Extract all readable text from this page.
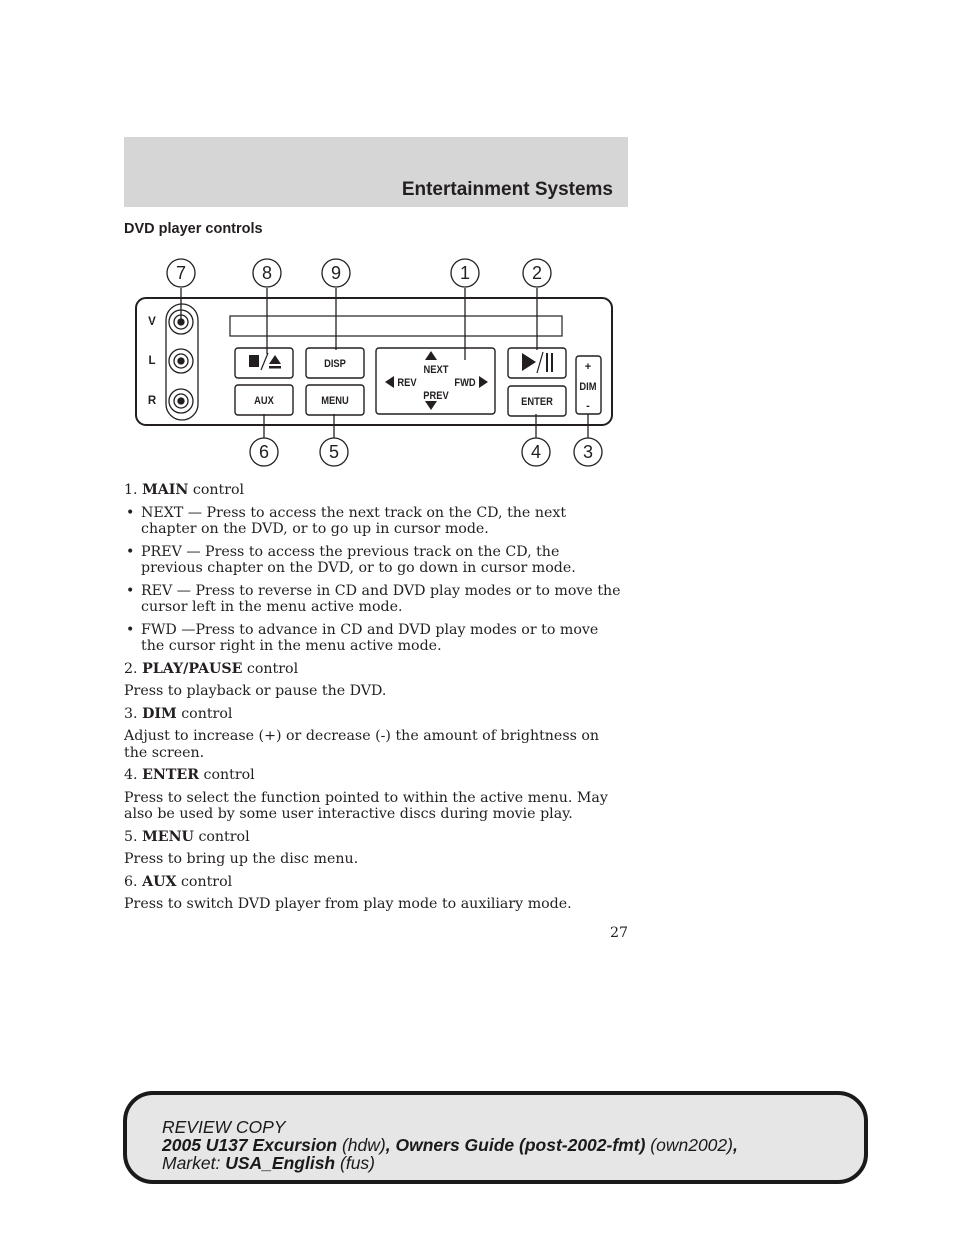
Entertainment Systems
DVD player controls
7	8	9	1	2
6	5	4 3
V
L
R
DISP
AUX	MENU
NEXT
PREV
REV	FWD
ENTER
DIM
+
-

1. MAIN control

• NEXT — Press to access the next track on the CD, the next chapter on the DVD, or to go up in cursor mode.
• PREV — Press to access the previous track on the CD, the previous chapter on the DVD, or to go down in cursor mode.
• REV — Press to reverse in CD and DVD play modes or to move the cursor left in the menu active mode.
• FWD —Press to advance in CD and DVD play modes or to move the cursor right in the menu active mode.

2. PLAY/PAUSE control

Press to playback or pause the DVD.

3. DIM control

Adjust to increase (+) or decrease (-) the amount of brightness on the screen.

4. ENTER control

Press to select the function pointed to within the active menu. May also be used by some user interactive discs during movie play.

5. MENU control

Press to bring up the disc menu.

6. AUX control

Press to switch DVD player from play mode to auxiliary mode.

27
REVIEW COPY
2005 U137 Excursion (hdw), Owners Guide (post-2002-fmt) (own2002),
Market: USA_English (fus)
